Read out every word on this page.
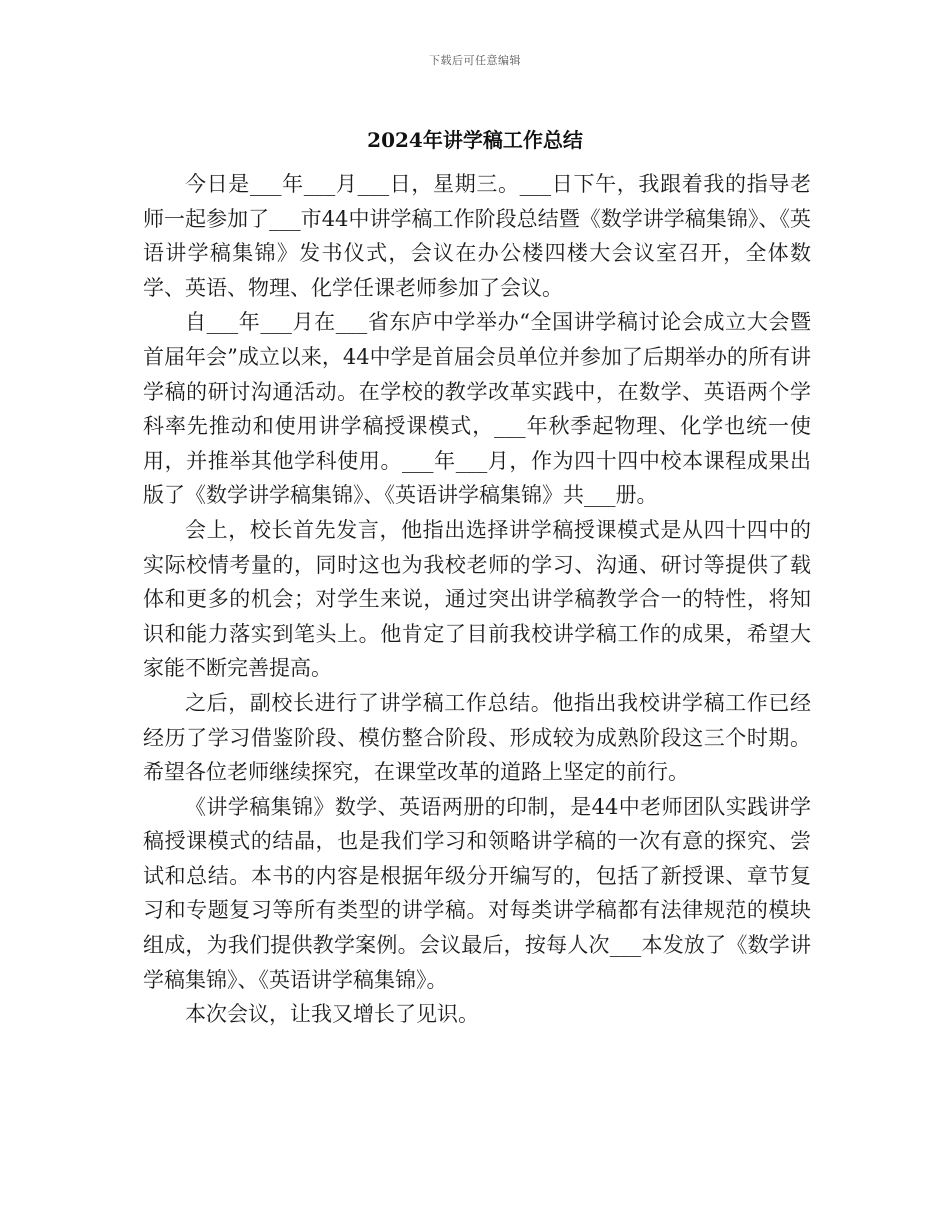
下载后可任意编辑
2024年讲学稿工作总结

今日是___年___月___日，星期三。___日下午，我跟着我的指导老师一起参加了___市44中讲学稿工作阶段总结暨《数学讲学稿集锦》、《英语讲学稿集锦》发书仪式，会议在办公楼四楼大会议室召开，全体数学、英语、物理、化学任课老师参加了会议。

自___年___月在___省东庐中学举办“全国讲学稿讨论会成立大会暨首届年会”成立以来，44中学是首届会员单位并参加了后期举办的所有讲学稿的研讨沟通活动。在学校的教学改革实践中，在数学、英语两个学科率先推动和使用讲学稿授课模式，___年秋季起物理、化学也统一使用，并推举其他学科使用。___年___月，作为四十四中校本课程成果出版了《数学讲学稿集锦》、《英语讲学稿集锦》共___册。

会上，校长首先发言，他指出选择讲学稿授课模式是从四十四中的实际校情考量的，同时这也为我校老师的学习、沟通、研讨等提供了载体和更多的机会；对学生来说，通过突出讲学稿教学合一的特性，将知识和能力落实到笔头上。他肯定了目前我校讲学稿工作的成果，希望大家能不断完善提高。

之后，副校长进行了讲学稿工作总结。他指出我校讲学稿工作已经经历了学习借鉴阶段、模仿整合阶段、形成较为成熟阶段这三个时期。希望各位老师继续探究，在课堂改革的道路上坚定的前行。

《讲学稿集锦》数学、英语两册的印制，是44中老师团队实践讲学稿授课模式的结晶，也是我们学习和领略讲学稿的一次有意的探究、尝试和总结。本书的内容是根据年级分开编写的，包括了新授课、章节复习和专题复习等所有类型的讲学稿。对每类讲学稿都有法律规范的模块组成，为我们提供教学案例。会议最后，按每人次___本发放了《数学讲学稿集锦》、《英语讲学稿集锦》。

本次会议，让我又增长了见识。
